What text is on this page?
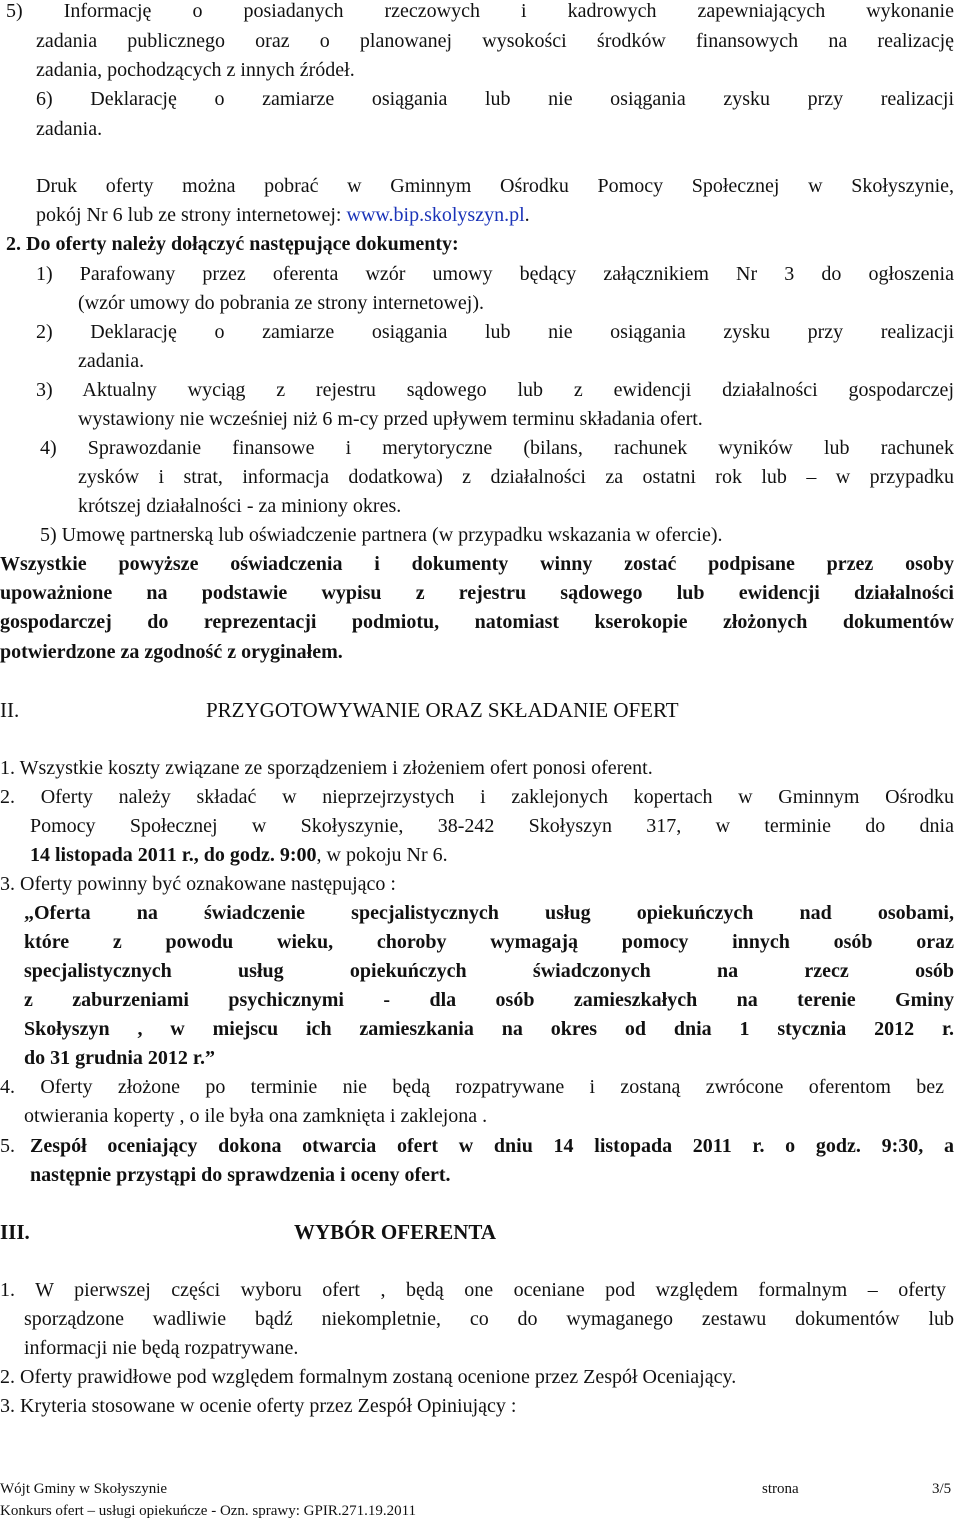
5) Informację o posiadanych rzeczowych i kadrowych zapewniających wykonanie
zadania publicznego oraz o planowanej wysokości środków finansowych na realizację
zadania, pochodzących z innych źródeł.
6) Deklarację o zamiarze osiągania lub nie osiągania zysku przy realizacji
zadania.
Druk oferty można pobrać w Gminnym Ośrodku Pomocy Społecznej w Skołyszynie,
pokój Nr 6 lub ze strony internetowej: www.bip.skolyszyn.pl.
2. Do oferty należy dołączyć następujące dokumenty:
1) Parafowany przez oferenta wzór umowy będący załącznikiem Nr 3 do ogłoszenia
(wzór umowy do pobrania ze strony internetowej).
2) Deklarację o zamiarze osiągania lub nie osiągania zysku przy realizacji
zadania.
3) Aktualny wyciąg z rejestru sądowego lub z ewidencji działalności gospodarczej
wystawiony nie wcześniej niż 6 m-cy przed upływem terminu składania ofert.
4) Sprawozdanie finansowe i merytoryczne (bilans, rachunek wyników lub rachunek
zysków i strat, informacja dodatkowa) z działalności za ostatni rok lub – w przypadku
krótszej działalności - za miniony okres.
5) Umowę partnerską lub oświadczenie partnera (w przypadku wskazania w ofercie).
Wszystkie powyższe oświadczenia i dokumenty winny zostać podpisane przez osoby
upoważnione na podstawie wypisu z rejestru sądowego lub ewidencji działalności
gospodarczej do reprezentacji podmiotu, natomiast kserokopie złożonych dokumentów
potwierdzone za zgodność z oryginałem.
II.	PRZYGOTOWYWANIE ORAZ SKŁADANIE OFERT
1. Wszystkie koszty związane ze sporządzeniem i złożeniem ofert ponosi oferent.
2. Oferty należy składać w nieprzejrzystych i zaklejonych kopertach w Gminnym Ośrodku
Pomocy Społecznej w Skołyszynie, 38-242 Skołyszyn 317, w terminie do dnia
14 listopada 2011 r., do godz. 9:00, w pokoju Nr 6.
3. Oferty powinny być oznakowane następująco :
„Oferta na świadczenie specjalistycznych usług opiekuńczych nad osobami,
które z powodu wieku, choroby wymagają pomocy innych osób oraz
specjalistycznych usług opiekuńczych świadczonych na rzecz osób
z zaburzeniami psychicznymi - dla osób zamieszkałych na terenie Gminy
Skołyszyn , w miejscu ich zamieszkania na okres od dnia 1 stycznia 2012 r.
do 31 grudnia 2012 r.”
4. Oferty złożone po terminie nie będą rozpatrywane i zostaną zwrócone oferentom bez
otwierania koperty , o ile była ona zamknięta i zaklejona .
5. Zespół oceniający dokona otwarcia ofert w dniu 14 listopada 2011 r. o godz. 9:30, a
następnie przystąpi do sprawdzenia i oceny ofert.
III.	WYBÓR OFERENTA
1. W pierwszej części wyboru ofert , będą one oceniane pod względem formalnym – oferty
sporządzone wadliwie bądź niekompletnie, co do wymaganego zestawu dokumentów lub
informacji nie będą rozpatrywane.
2. Oferty prawidłowe pod względem formalnym zostaną ocenione przez Zespół Oceniający.
3. Kryteria stosowane w ocenie oferty przez Zespół Opiniujący :
Wójt Gminy w Skołyszynie	strona	3/5
Konkurs ofert – usługi opiekuńcze - Ozn. sprawy: GPIR.271.19.2011
